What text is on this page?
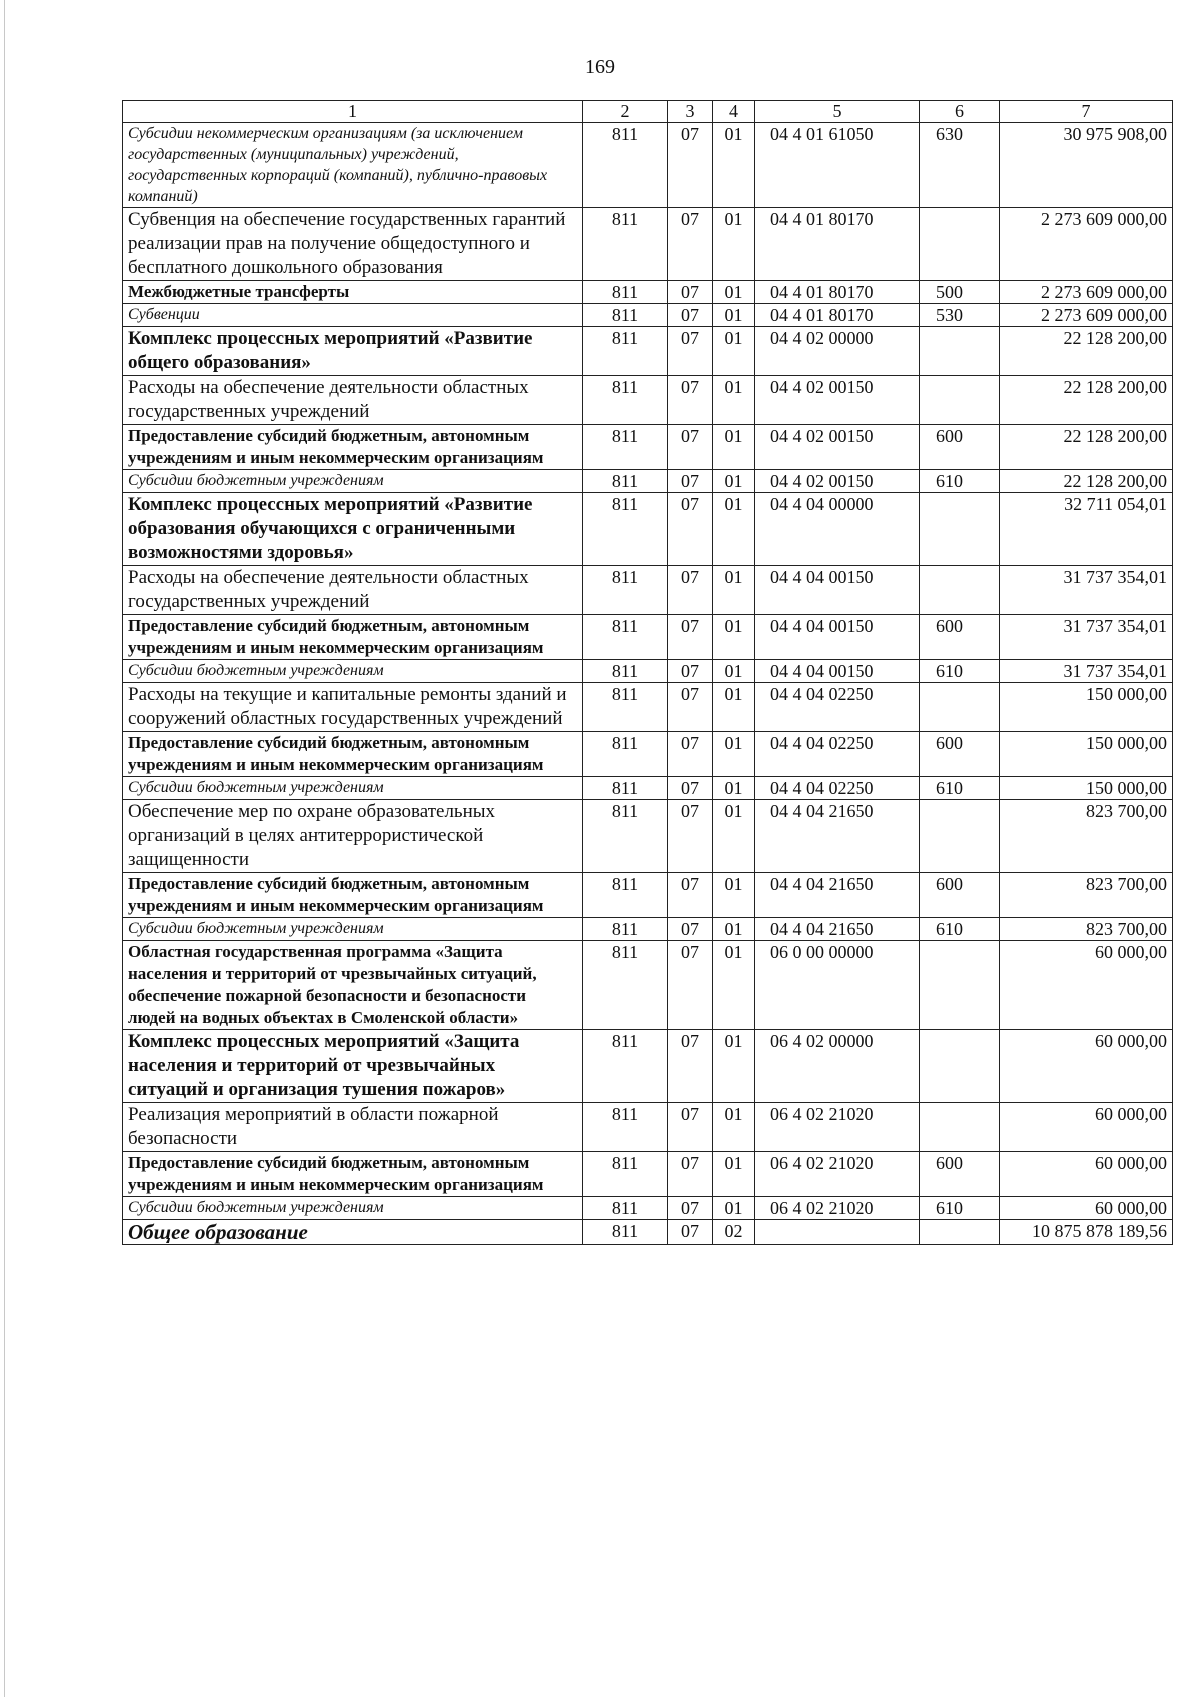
169
1	2	3	4	5	6	7
Субсидии некоммерческим организациям (за исключением государственных (муниципальных) учреждений, государственных корпораций (компаний), публично-правовых компаний)	811	07	01	04 4 01 61050	630	30 975 908,00
Субвенция на обеспечение государственных гарантий реализации прав на получение общедоступного и бесплатного дошкольного образования	811	07	01	04 4 01 80170		2 273 609 000,00
Межбюджетные трансферты	811	07	01	04 4 01 80170	500	2 273 609 000,00
Субвенции	811	07	01	04 4 01 80170	530	2 273 609 000,00
Комплекс процессных мероприятий «Развитие общего образования»	811	07	01	04 4 02 00000		22 128 200,00
Расходы на обеспечение деятельности областных государственных учреждений	811	07	01	04 4 02 00150		22 128 200,00
Предоставление субсидий бюджетным, автономным учреждениям и иным некоммерческим организациям	811	07	01	04 4 02 00150	600	22 128 200,00
Субсидии бюджетным учреждениям	811	07	01	04 4 02 00150	610	22 128 200,00
Комплекс процессных мероприятий «Развитие образования обучающихся с ограниченными возможностями здоровья»	811	07	01	04 4 04 00000		32 711 054,01
Расходы на обеспечение деятельности областных государственных учреждений	811	07	01	04 4 04 00150		31 737 354,01
Предоставление субсидий бюджетным, автономным учреждениям и иным некоммерческим организациям	811	07	01	04 4 04 00150	600	31 737 354,01
Субсидии бюджетным учреждениям	811	07	01	04 4 04 00150	610	31 737 354,01
Расходы на текущие и капитальные ремонты зданий и сооружений областных государственных учреждений	811	07	01	04 4 04 02250		150 000,00
Предоставление субсидий бюджетным, автономным учреждениям и иным некоммерческим организациям	811	07	01	04 4 04 02250	600	150 000,00
Субсидии бюджетным учреждениям	811	07	01	04 4 04 02250	610	150 000,00
Обеспечение мер по охране образовательных организаций в целях антитеррористической защищенности	811	07	01	04 4 04 21650		823 700,00
Предоставление субсидий бюджетным, автономным учреждениям и иным некоммерческим организациям	811	07	01	04 4 04 21650	600	823 700,00
Субсидии бюджетным учреждениям	811	07	01	04 4 04 21650	610	823 700,00
Областная государственная программа «Защита населения и территорий от чрезвычайных ситуаций, обеспечение пожарной безопасности и безопасности людей на водных объектах в Смоленской области»	811	07	01	06 0 00 00000		60 000,00
Комплекс процессных мероприятий «Защита населения и территорий от чрезвычайных ситуаций и организация тушения пожаров»	811	07	01	06 4 02 00000		60 000,00
Реализация мероприятий в области пожарной безопасности	811	07	01	06 4 02 21020		60 000,00
Предоставление субсидий бюджетным, автономным учреждениям и иным некоммерческим организациям	811	07	01	06 4 02 21020	600	60 000,00
Субсидии бюджетным учреждениям	811	07	01	06 4 02 21020	610	60 000,00
Общее образование	811	07	02			10 875 878 189,56
